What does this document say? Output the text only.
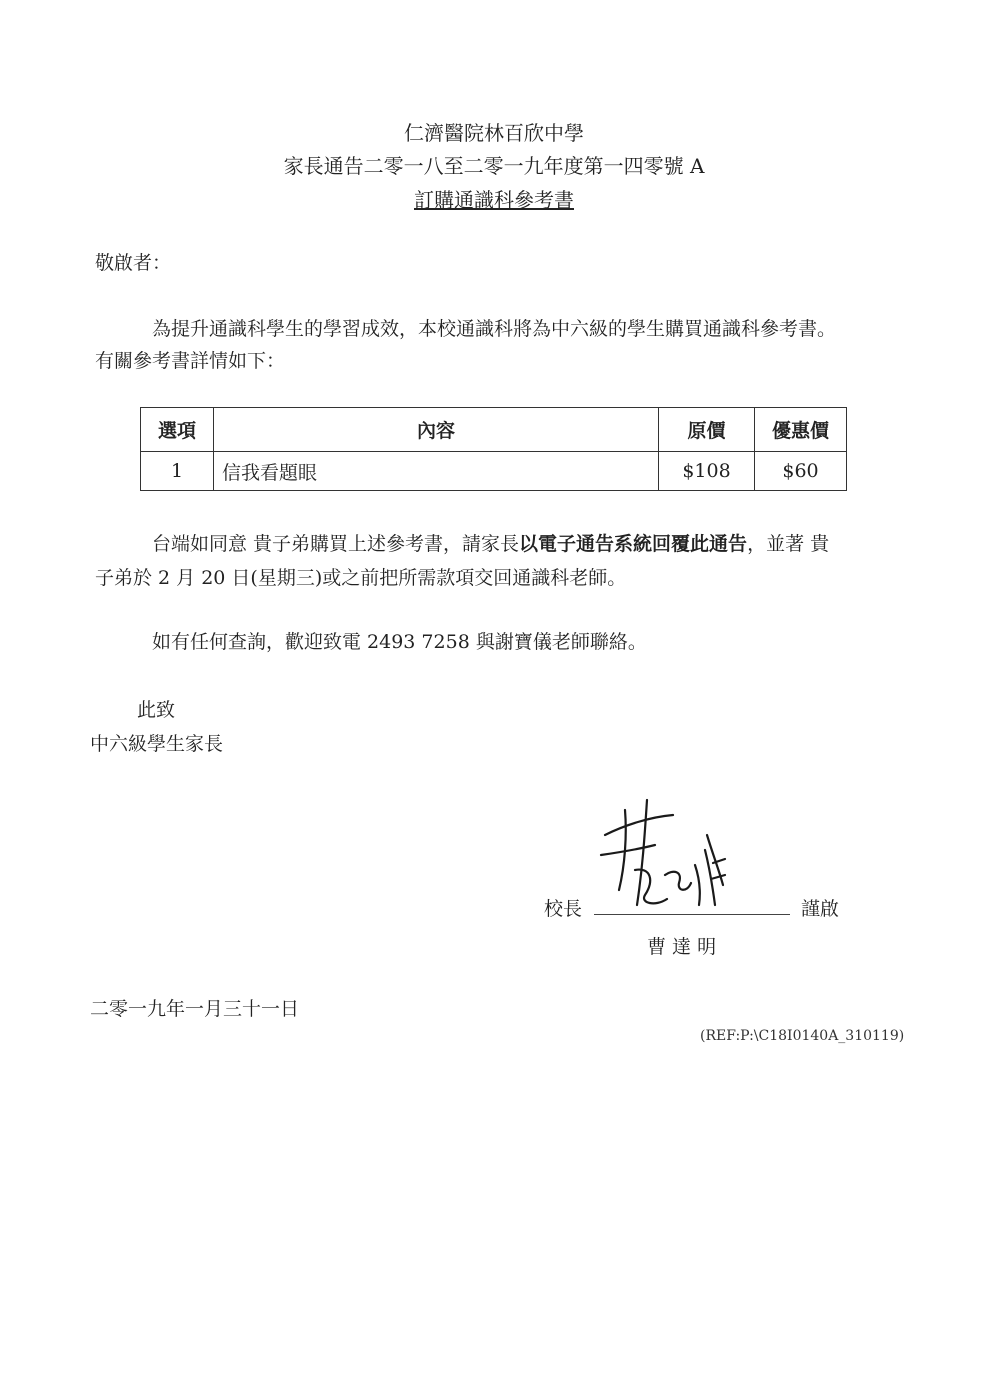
仁濟醫院林百欣中學
家長通告二零一八至二零一九年度第一四零號 A
訂購通識科參考書
敬啟者：
為提升通識科學生的學習成效，本校通識科將為中六級的學生購買通識科參考書。
有關參考書詳情如下：
選項	內容	原價	優惠價
1	信我看題眼	$108	$60
台端如同意 貴子弟購買上述參考書，請家長以電子通告系統回覆此通告，並著 貴
子弟於 2 月 20 日(星期三)或之前把所需款項交回通識科老師。
如有任何查詢，歡迎致電 2493 7258 與謝寶儀老師聯絡。
此致
中六級學生家長
校長	謹啟
曹 達 明
二零一九年一月三十一日
(REF:P:\C18I0140A_310119)
